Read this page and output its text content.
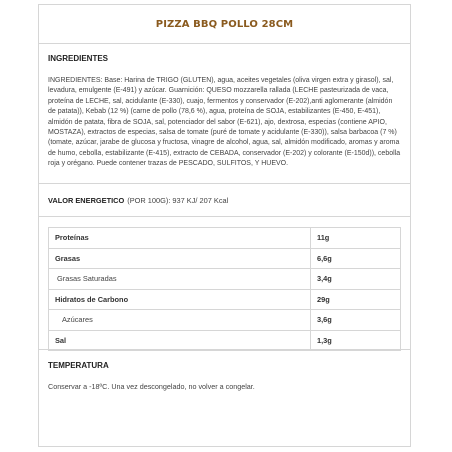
PIZZA BBQ POLLO 28CM
INGREDIENTES
INGREDIENTES: Base: Harina de TRIGO (GLUTEN), agua, aceites vegetales (oliva virgen extra y girasol), sal, levadura, emulgente (E-491) y azúcar. Guarnición: QUESO mozzarella rallada (LECHE pasteurizada de vaca, proteína de LECHE, sal, acidulante (E-330), cuajo, fermentos y conservador (E-202),anti aglomerante (almidón de patata)), Kebab (12 %) (carne de pollo (78,6 %), agua, proteína de SOJA, estabilizantes (E-450, E-451), almidón de patata, fibra de SOJA, sal, potenciador del sabor (E-621), ajo, dextrosa, especias (contiene APIO, MOSTAZA), extractos de especias, salsa de tomate (puré de tomate y acidulante (E-330)), salsa barbacoa (7 %) (tomate, azúcar, jarabe de glucosa y fructosa, vinagre de alcohol, agua, sal, almidón modificado, aromas y aroma de humo, cebolla, estabilizante (E-415), extracto de CEBADA, conservador (E-202) y colorante (E-150d)), cebolla roja y orégano. Puede contener trazas de PESCADO, SULFITOS, Y HUEVO.
VALOR ENERGETICO (POR 100G): 937 KJ/ 207 Kcal
Proteínas	11g
Grasas	6,6g
Grasas Saturadas	3,4g
Hidratos de Carbono	29g
Azúcares	3,6g
Sal	1,3g
TEMPERATURA
Conservar a -18ºC. Una vez descongelado, no volver a congelar.
